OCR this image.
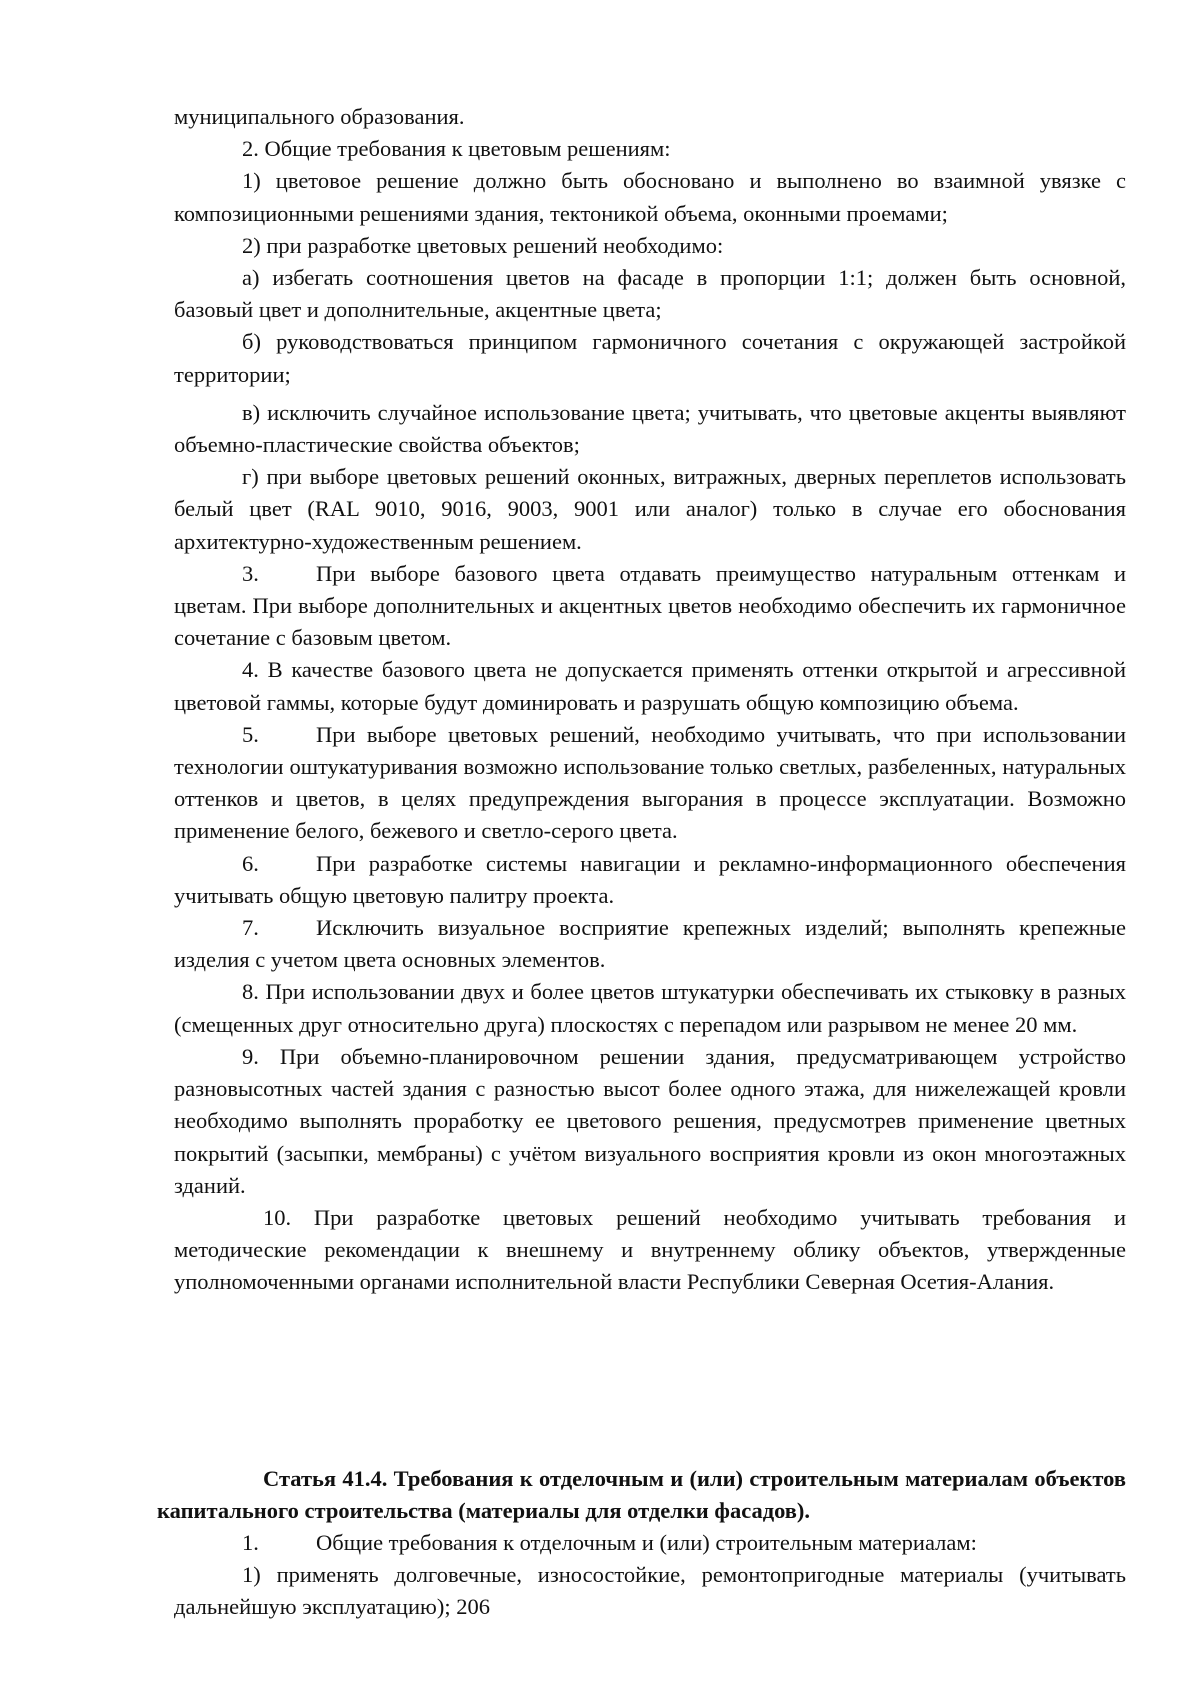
муниципального образования.

2. Общие требования к цветовым решениям:

1) цветовое решение должно быть обосновано и выполнено во взаимной увязке с композиционными решениями здания, тектоникой объема, оконными проемами;

2) при разработке цветовых решений необходимо:

а) избегать соотношения цветов на фасаде в пропорции 1:1; должен быть основной, базовый цвет и дополнительные, акцентные цвета;

б) руководствоваться принципом гармоничного сочетания с окружающей застройкой территории;

в) исключить случайное использование цвета; учитывать, что цветовые акценты выявляют объемно-пластические свойства объектов;

г) при выборе цветовых решений оконных, витражных, дверных переплетов использовать белый цвет (RAL 9010, 9016, 9003, 9001 или аналог) только в случае его обоснования архитектурно-художественным решением.

3.	При выборе базового цвета отдавать преимущество натуральным оттенкам и цветам. При выборе дополнительных и акцентных цветов необходимо обеспечить их гармоничное сочетание с базовым цветом.

4. В качестве базового цвета не допускается применять оттенки открытой и агрессивной цветовой гаммы, которые будут доминировать и разрушать общую композицию объема.

5.	При выборе цветовых решений, необходимо учитывать, что при использовании технологии оштукатуривания возможно использование только светлых, разбеленных, натуральных оттенков и цветов, в целях предупреждения выгорания в процессе эксплуатации. Возможно применение белого, бежевого и светло-серого цвета.

6.	При разработке системы навигации и рекламно-информационного обеспечения учитывать общую цветовую палитру проекта.

7.	Исключить визуальное восприятие крепежных изделий; выполнять крепежные изделия с учетом цвета основных элементов.

8. При использовании двух и более цветов штукатурки обеспечивать их стыковку в разных (смещенных друг относительно друга) плоскостях с перепадом или разрывом не менее 20 мм.

9. При объемно-планировочном решении здания, предусматривающем устройство разновысотных частей здания с разностью высот более одного этажа, для нижележащей кровли необходимо выполнять проработку ее цветового решения, предусмотрев применение цветных покрытий (засыпки, мембраны) с учётом визуального восприятия кровли из окон многоэтажных зданий.

10. При разработке цветовых решений необходимо учитывать требования и методические рекомендации к внешнему и внутреннему облику объектов, утвержденные уполномоченными органами исполнительной власти Республики Северная Осетия-Алания.

Статья 41.4. Требования к отделочным и (или) строительным материалам объектов капитального строительства (материалы для отделки фасадов).

1.	Общие требования к отделочным и (или) строительным материалам:

1) применять долговечные, износостойкие, ремонтопригодные материалы (учитывать дальнейшую эксплуатацию); 206
